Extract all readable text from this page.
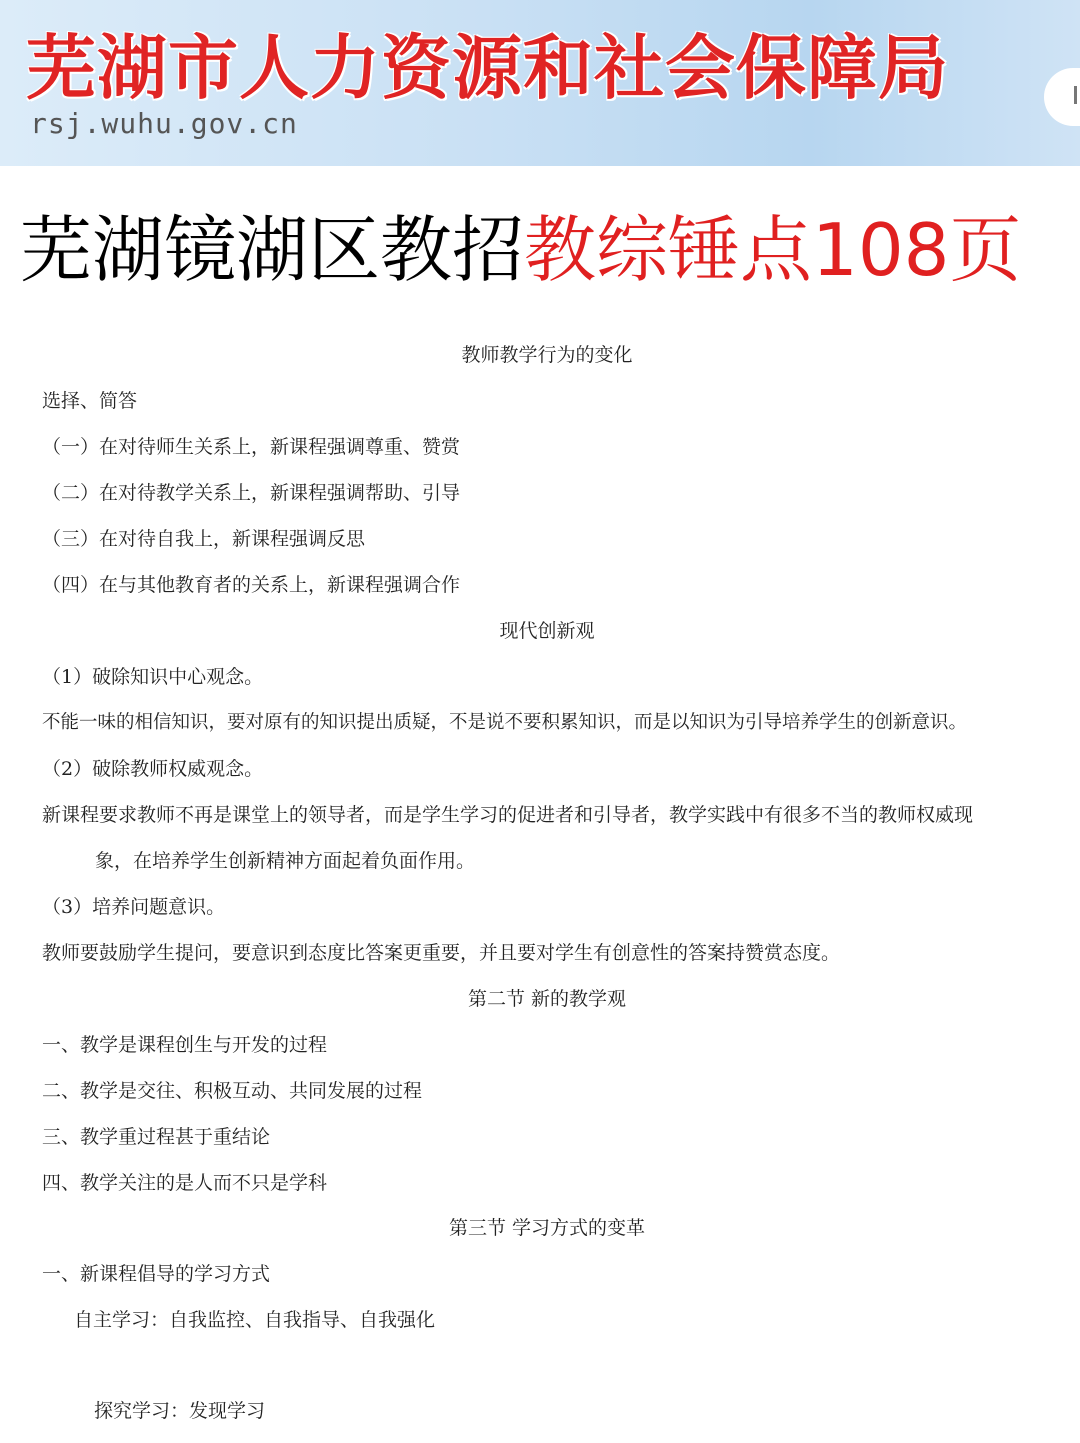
芜湖市人力资源和社会保障局
rsj.wuhu.gov.cn
芜湖镜湖区教招教综锤点108页
教师教学行为的变化
选择、简答
（一）在对待师生关系上，新课程强调尊重、赞赏
（二）在对待教学关系上，新课程强调帮助、引导
（三）在对待自我上，新课程强调反思
（四）在与其他教育者的关系上，新课程强调合作
现代创新观
（1）破除知识中心观念。
不能一味的相信知识，要对原有的知识提出质疑，不是说不要积累知识，而是以知识为引导培养学生的创新意识。
（2）破除教师权威观念。
新课程要求教师不再是课堂上的领导者，而是学生学习的促进者和引导者，教学实践中有很多不当的教师权威现
象，在培养学生创新精神方面起着负面作用。
（3）培养问题意识。
教师要鼓励学生提问，要意识到态度比答案更重要，并且要对学生有创意性的答案持赞赏态度。
第二节 新的教学观
一、教学是课程创生与开发的过程
二、教学是交往、积极互动、共同发展的过程
三、教学重过程甚于重结论
四、教学关注的是人而不只是学科
第三节 学习方式的变革
一、新课程倡导的学习方式
自主学习：自我监控、自我指导、自我强化
探究学习：发现学习
